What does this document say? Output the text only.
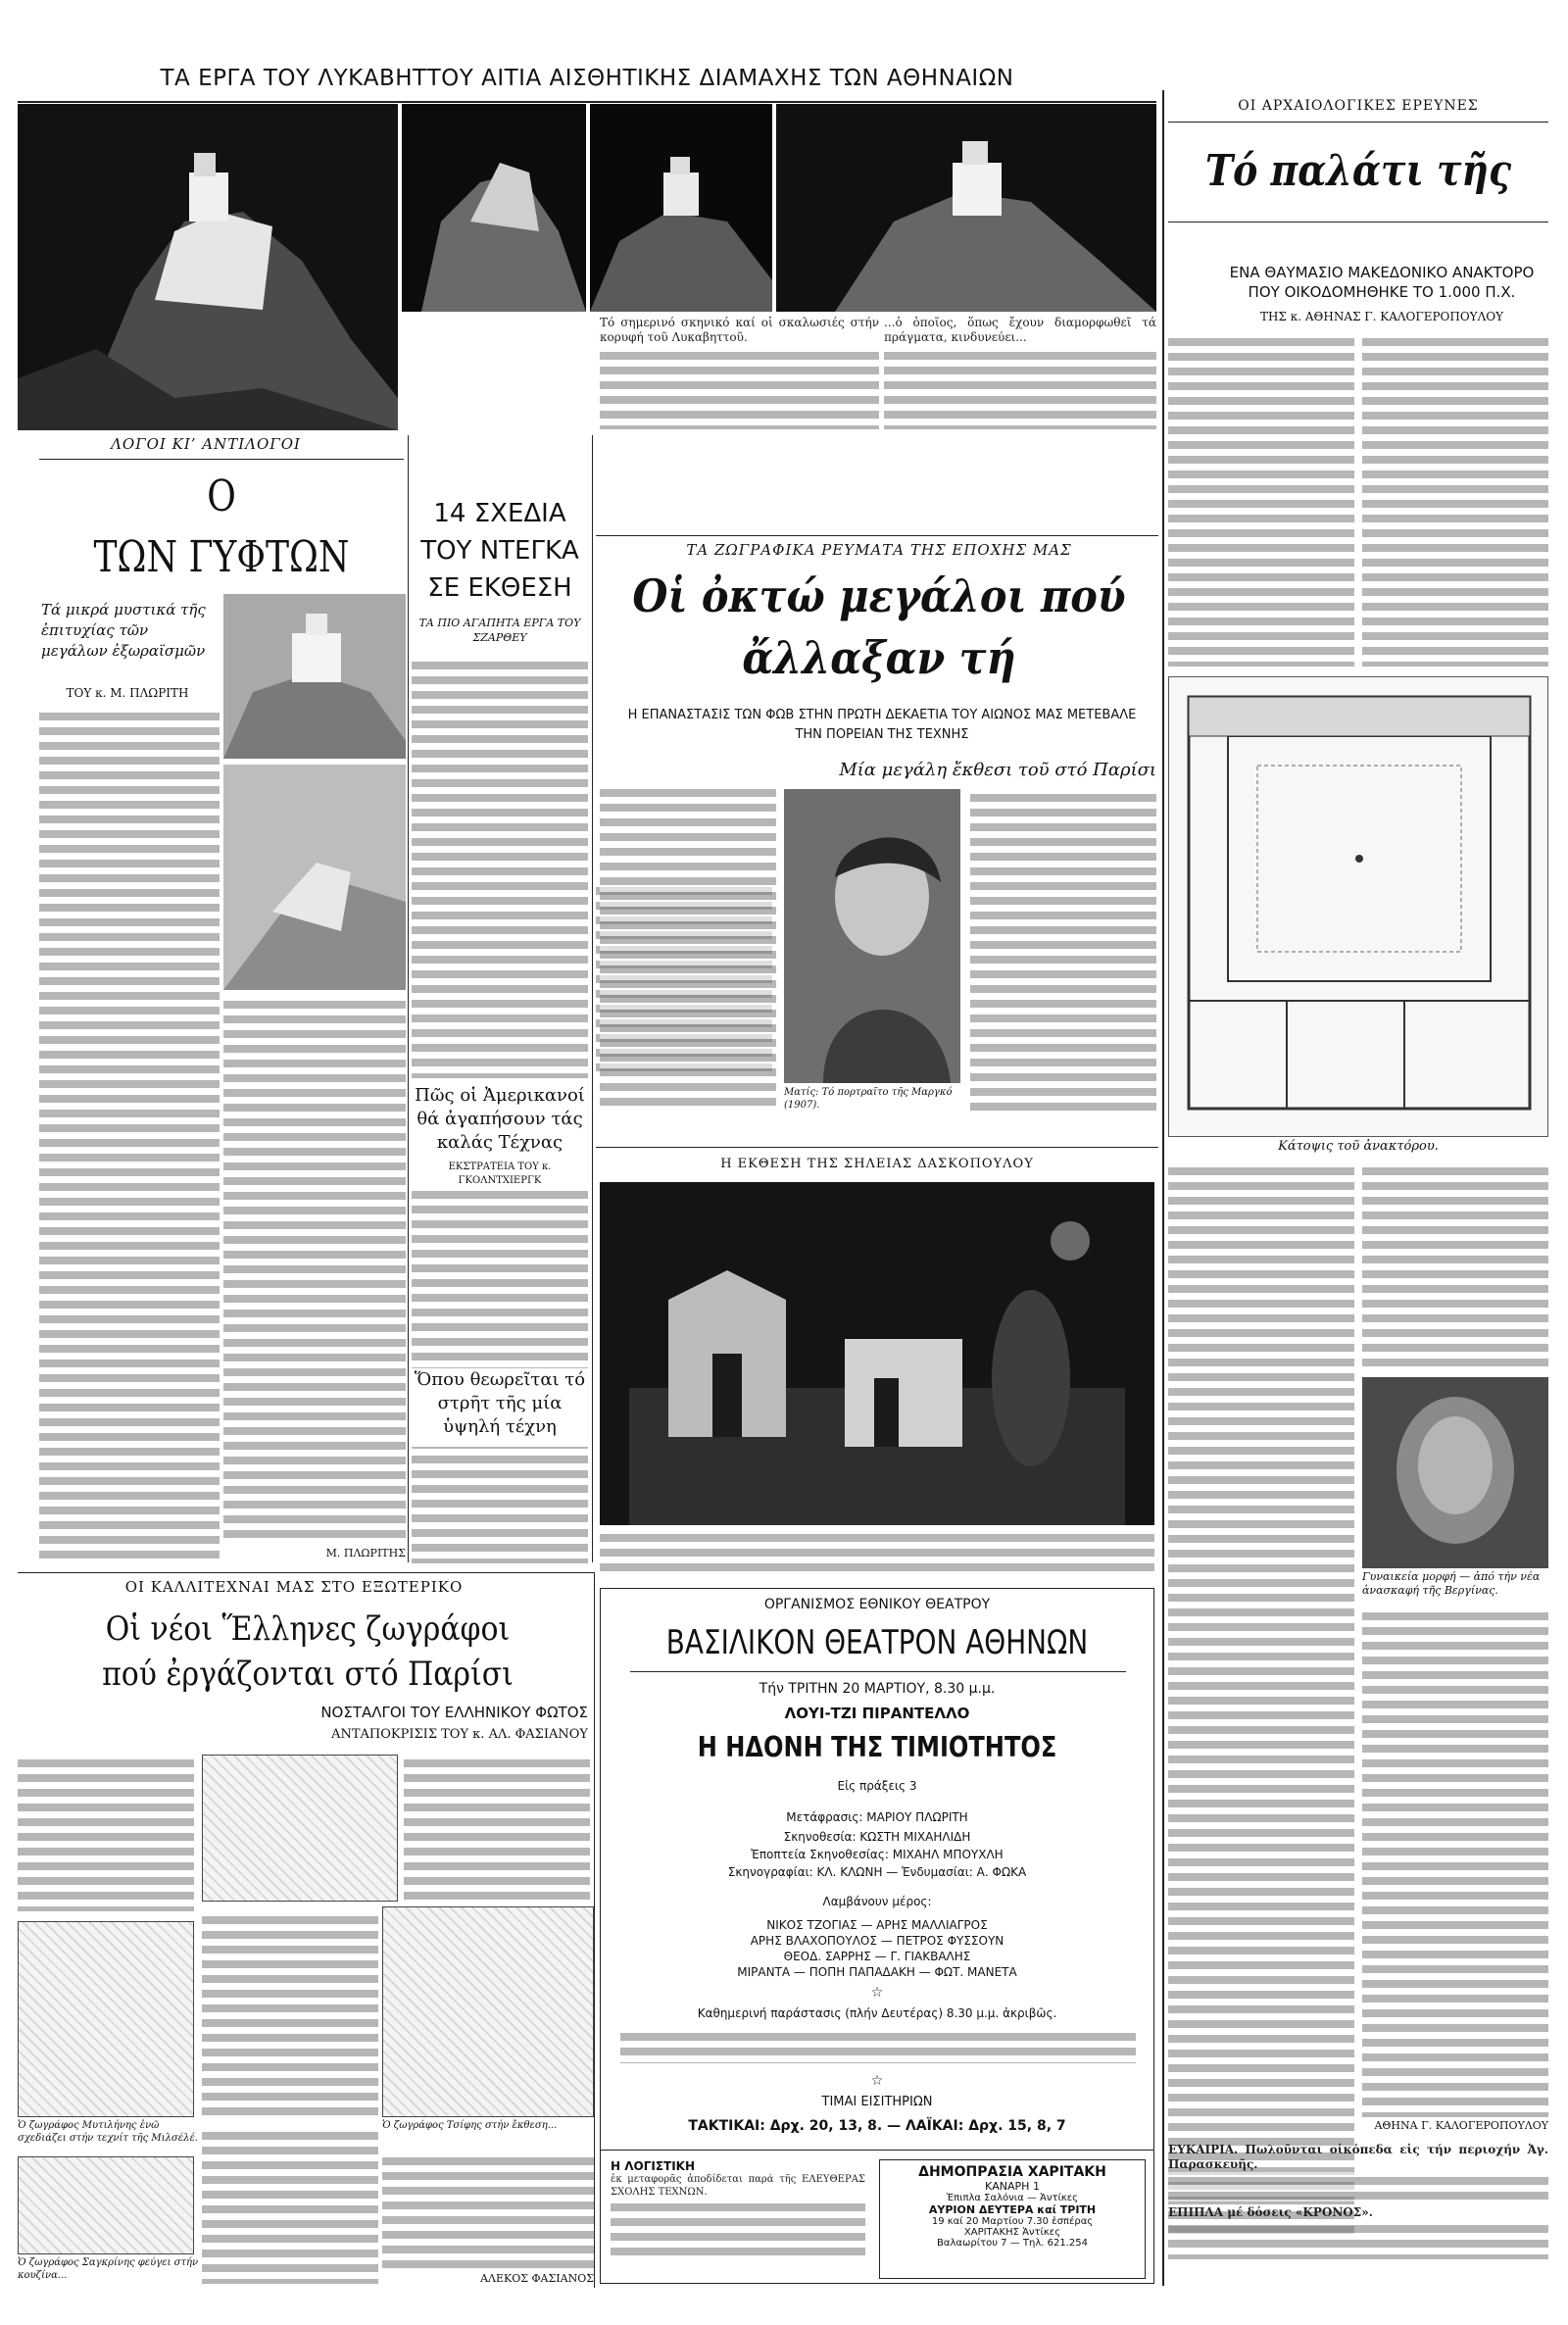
ΤΑ ΕΡΓΑ ΤΟΥ ΛΥΚΑΒΗΤΤΟΥ ΑΙΤΙΑ ΑΙΣΘΗΤΙΚΗΣ ΔΙΑΜΑΧΗΣ ΤΩΝ ΑΘΗΝΑΙΩΝ
Τό σημερινό σκηνικό καί οἱ σκαλωσιές στήν κορυφή τοῦ Λυκαβηττοῦ.
...ὁ ὁποῖος, ὅπως ἔχουν διαμορφωθεῖ τά πράγματα, κινδυνεύει...
ΟΙ ΑΡΧΑΙΟΛΟΓΙΚΕΣ ΕΡΕΥΝΕΣ
Τό παλάτι τῆς
ΕΝΑ ΘΑΥΜΑΣΙΟ ΜΑΚΕΔΟΝΙΚΟ ΑΝΑΚΤΟΡΟ ΠΟΥ ΟΙΚΟΔΟΜΗΘΗΚΕ ΤΟ 1.000 Π.Χ.
ΤΗΣ κ. ΑΘΗΝΑΣ Γ. ΚΑΛΟΓΕΡΟΠΟΥΛΟΥ
Κάτοψις τοῦ ἀνακτόρου.
Γυναικεία μορφή — ἀπό τήν νέα ἀνασκαφή τῆς Βεργίνας.
ΑΘΗΝΑ Γ. ΚΑΛΟΓΕΡΟΠΟΥΛΟΥ
ΕΥΚΑΙΡΙΑ. Πωλοῦνται οἰκόπεδα εἰς τήν περιοχήν Ἀγ. Παρασκευῆς.
ΕΠΙΠΛΑ μέ δόσεις «ΚΡΟΝΟΣ».
ΛΟΓΟΙ ΚΙ’ ΑΝΤΙΛΟΓΟΙ
Ο
ΤΩΝ ΓΥΦΤΩΝ
Τά μικρά μυστικά τῆς ἐπιτυχίας τῶν μεγάλων ἐξωραϊσμῶν
ΤΟΥ κ. Μ. ΠΛΩΡΙΤΗ
Μ. ΠΛΩΡΙΤΗΣ
14 ΣΧΕΔΙΑ ΤΟΥ ΝΤΕΓΚΑ ΣΕ ΕΚΘΕΣΗ
ΤΑ ΠΙΟ ΑΓΑΠΗΤΑ ΕΡΓΑ ΤΟΥ ΣΖΑΡΘΕΥ
ΤΑ ΖΩΓΡΑΦΙΚΑ ΡΕΥΜΑΤΑ ΤΗΣ ΕΠΟΧΗΣ ΜΑΣ
Οἱ ὀκτώ μεγάλοι πού
ἄλλαξαν τή
Η ΕΠΑΝΑΣΤΑΣΙΣ ΤΩΝ ΦΩΒ ΣΤΗΝ ΠΡΩΤΗ ΔΕΚΑΕΤΙΑ ΤΟΥ ΑΙΩΝΟΣ ΜΑΣ ΜΕΤΕΒΑΛΕ ΤΗΝ ΠΟΡΕΙΑΝ ΤΗΣ ΤΕΧΝΗΣ
Μία μεγάλη ἔκθεσι τοῦ στό Παρίσι
Ματίς: Τό πορτραῖτο τῆς Μαργκό (1907).
Η ΕΚΘΕΣΗ ΤΗΣ ΣΗΛΕΙΑΣ ΔΑΣΚΟΠΟΥΛΟΥ
ΟΙ ΚΑΛΛΙΤΕΧΝΑΙ ΜΑΣ ΣΤΟ ΕΞΩΤΕΡΙΚΟ
Οἱ νέοι Ἕλληνες ζωγράφοι
πού ἐργάζονται στό Παρίσι
ΝΟΣΤΑΛΓΟΙ ΤΟΥ ΕΛΛΗΝΙΚΟΥ ΦΩΤΟΣ
ΑΝΤΑΠΟΚΡΙΣΙΣ ΤΟΥ κ. ΑΛ. ΦΑΣΙΑΝΟΥ
Ὁ ζωγράφος Μυτιλήνης ἐνῶ σχεδιάζει στήν τεχνίτ τῆς Μιλσέλέ.
Ὁ ζωγράφος Τσίφης στήν ἔκθεση...
Ὁ ζωγράφος Σαγκρίνης φεύγει στήν κουζίνα...	ΑΛΕΚΟΣ ΦΑΣΙΑΝΟΣ
ΟΡΓΑΝΙΣΜΟΣ ΕΘΝΙΚΟΥ ΘΕΑΤΡΟΥ
ΒΑΣΙΛΙΚΟΝ ΘΕΑΤΡΟΝ ΑΘΗΝΩΝ
Τήν ΤΡΙΤΗΝ 20 ΜΑΡΤΙΟΥ, 8.30 μ.μ.
ΛΟΥΙ-ΤΖΙ ΠΙΡΑΝΤΕΛΛΟ
Η ΗΔΟΝΗ ΤΗΣ ΤΙΜΙΟΤΗΤΟΣ
Εἰς πράξεις 3
Μετάφρασις: ΜΑΡΙΟΥ ΠΛΩΡΙΤΗ
Σκηνοθεσία: ΚΩΣΤΗ ΜΙΧΑΗΛΙΔΗ
Ἐποπτεία Σκηνοθεσίας: ΜΙΧΑΗΛ ΜΠΟΥΧΛΗ
Σκηνογραφίαι: ΚΛ. ΚΛΩΝΗ — Ἐνδυμασίαι: Α. ΦΩΚΑ
Λαμβάνουν μέρος:
ΝΙΚΟΣ ΤΖΟΓΙΑΣ — ΑΡΗΣ ΜΑΛΛΙΑΓΡΟΣ
ΑΡΗΣ ΒΛΑΧΟΠΟΥΛΟΣ — ΠΕΤΡΟΣ ΦΥΣΣΟΥΝ
ΘΕΟΔ. ΣΑΡΡΗΣ — Γ. ΓΙΑΚΒΑΛΗΣ
ΜΙΡΑΝΤΑ — ΠΟΠΗ ΠΑΠΑΔΑΚΗ — ΦΩΤ. ΜΑΝΕΤΑ
☆
Καθημερινή παράστασις (πλήν Δευτέρας) 8.30 μ.μ. ἀκριβῶς.
☆
ΤΙΜΑΙ ΕΙΣΙΤΗΡΙΩΝ
ΤΑΚΤΙΚΑΙ: Δρχ. 20, 13, 8. — ΛΑΪΚΑΙ: Δρχ. 15, 8, 7
Η ΛΟΓΙΣΤΙΚΗ
ἐκ μεταφορᾶς ἀποδίδεται παρά τῆς ΕΛΕΥΘΕΡΑΣ ΣΧΟΛΗΣ ΤΕΧΝΩΝ.
ΔΗΜΟΠΡΑΣΙΑ ΧΑΡΙΤΑΚΗ
ΚΑΝΑΡΗ 1
Ἐπιπλα Σαλόνια — Ἀντίκες
ΑΥΡΙΟΝ ΔΕΥΤΕΡΑ καί ΤΡΙΤΗ
19 καί 20 Μαρτίου 7.30 ἑσπέρας
ΧΑΡΙΤΑΚΗΣ Ἀντίκες
Βαλαωρίτου 7 — Τηλ. 621.254
Πῶς οἱ Ἀμερικανοί θά ἀγαπήσουν τάς καλάς Τέχνας
ΕΚΣΤΡΑΤΕΙΑ ΤΟΥ κ. ΓΚΟΛΝΤΧΙΕΡΓΚ
Ὅπου θεωρεῖται τό στρῆτ τῆς μία ὑψηλή τέχνη
